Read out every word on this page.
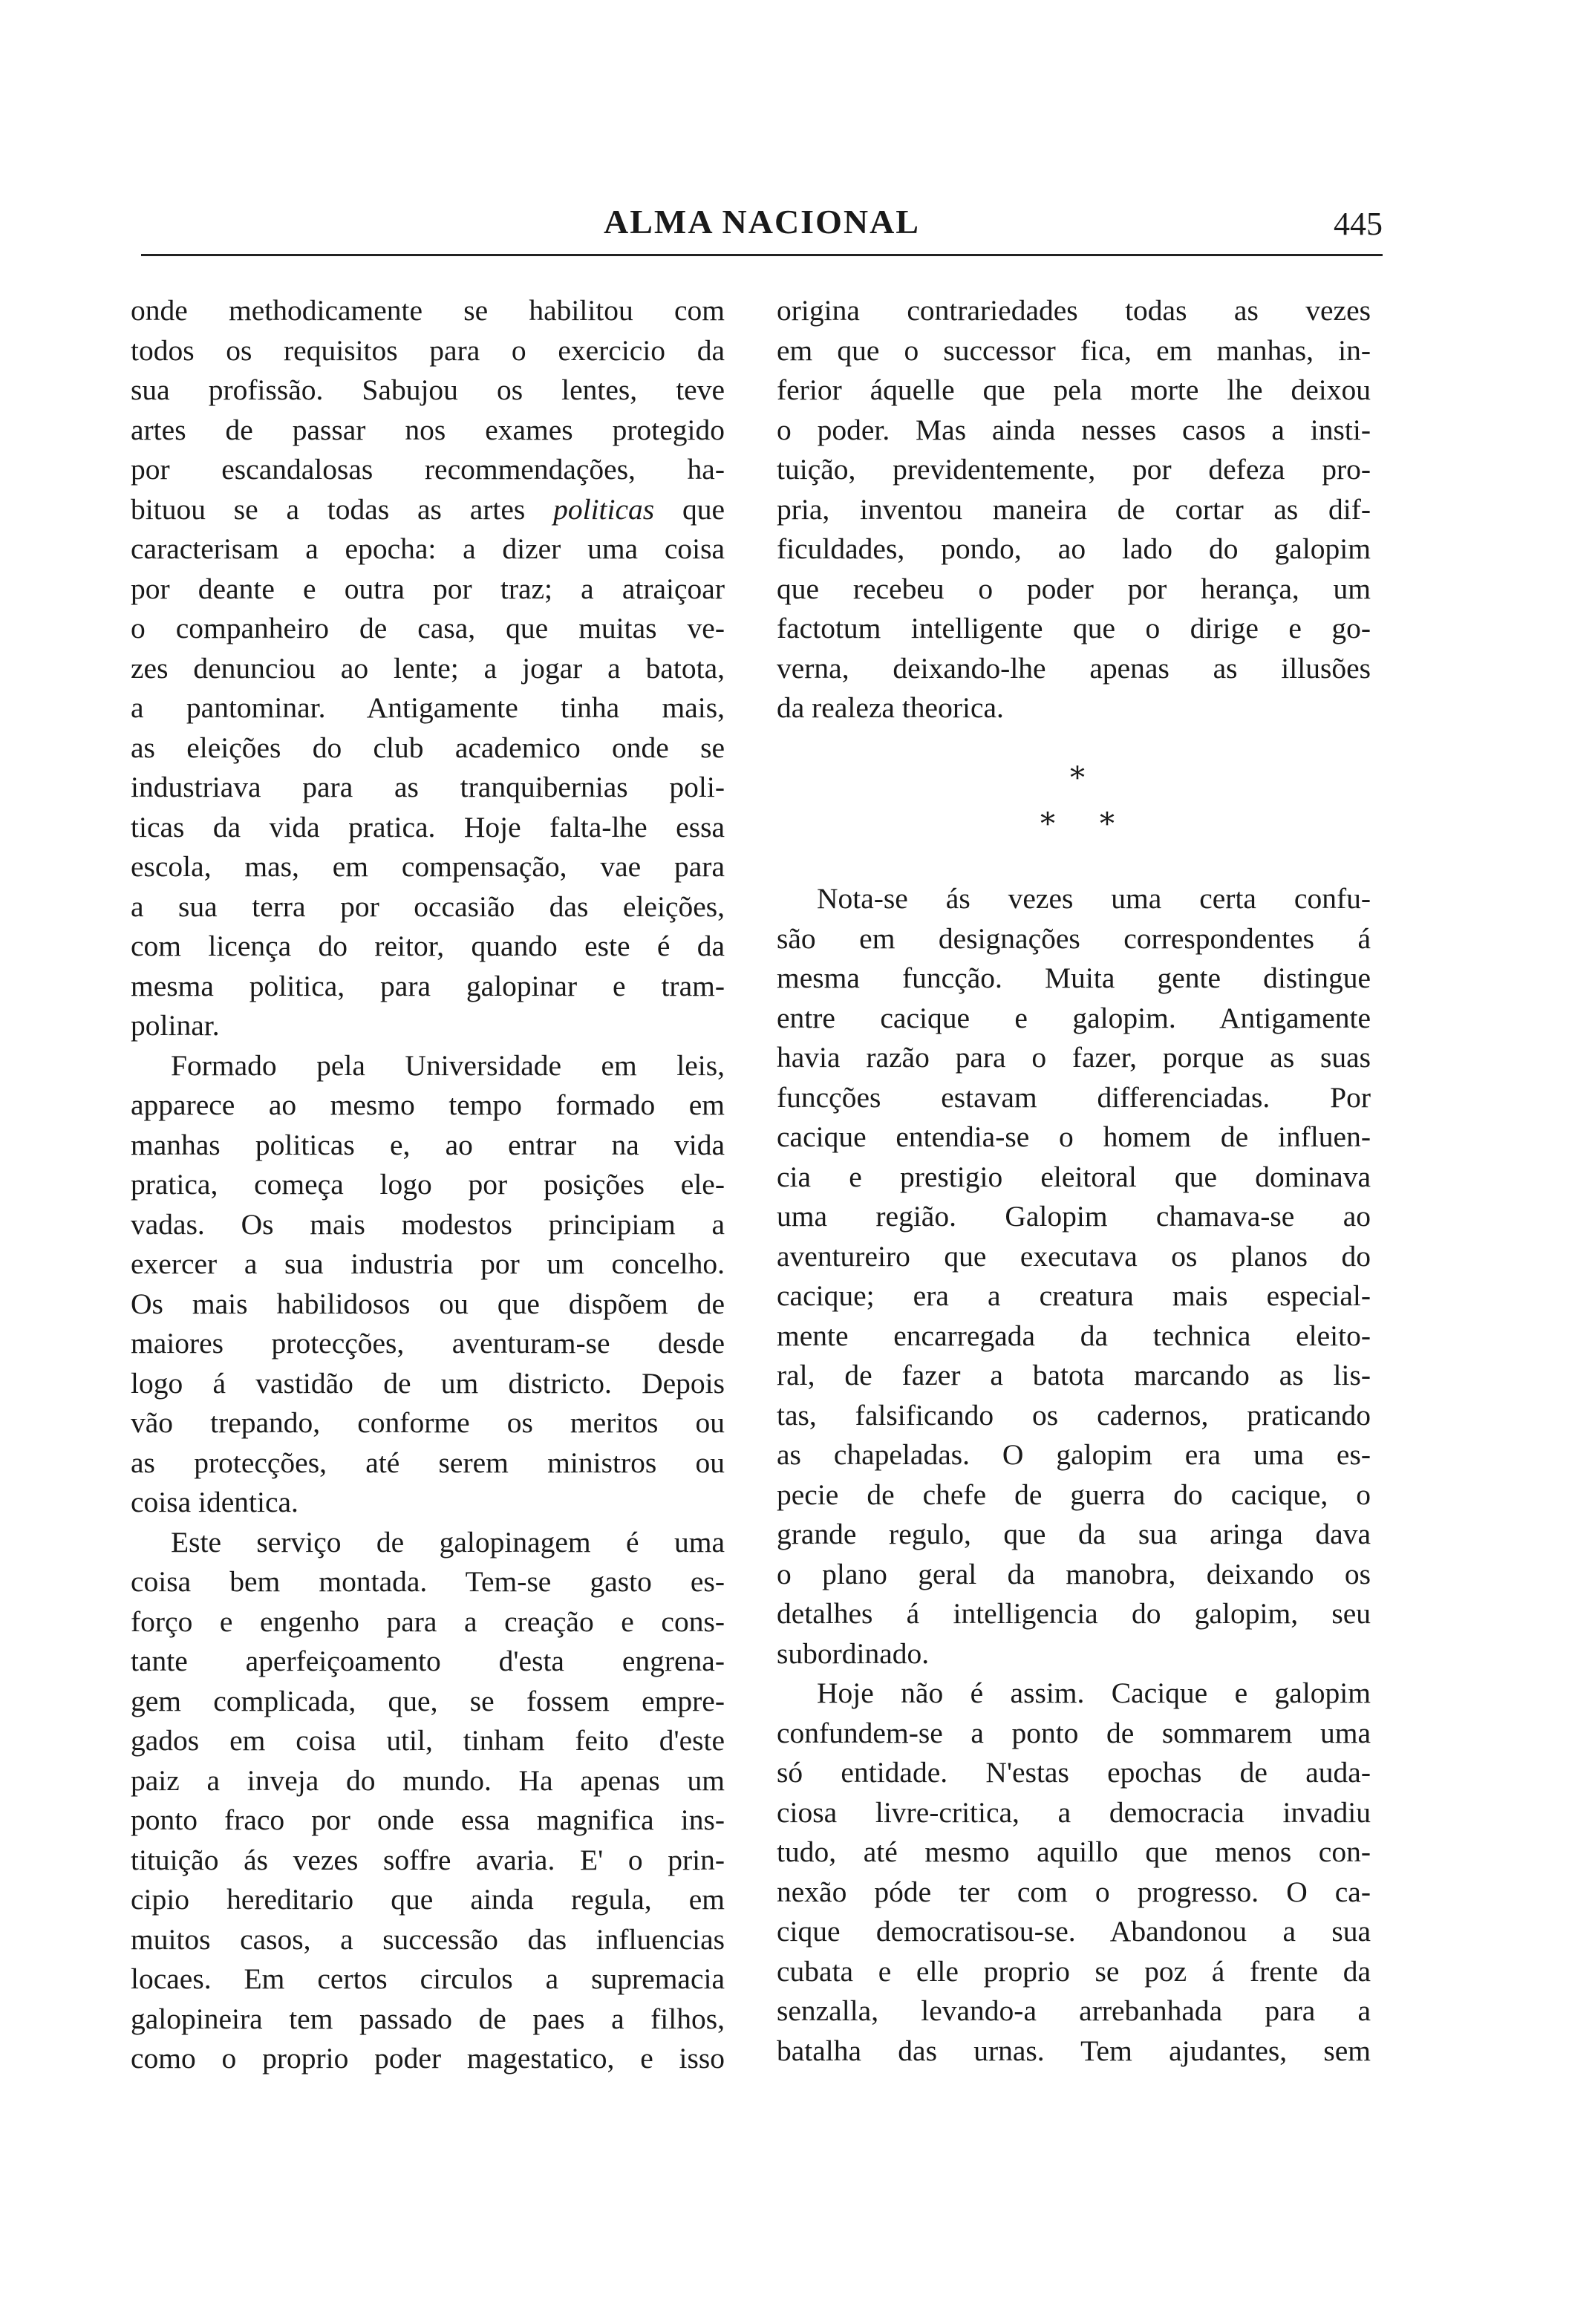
ALMA NACIONAL	445
onde methodicamente se habilitou com
todos os requisitos para o exercicio da
sua profissão. Sabujou os lentes, teve
artes de passar nos exames protegido
por escandalosas recommendações, ha-
bituou se a todas as artes politicas que
caracterisam a epocha: a dizer uma coisa
por deante e outra por traz; a atraiçoar
o companheiro de casa, que muitas ve-
zes denunciou ao lente; a jogar a batota,
a pantominar. Antigamente tinha mais,
as eleições do club academico onde se
industriava para as tranquibernias poli-
ticas da vida pratica. Hoje falta-lhe essa
escola, mas, em compensação, vae para
a sua terra por occasião das eleições,
com licença do reitor, quando este é da
mesma politica, para galopinar e tram-
polinar.
Formado pela Universidade em leis,
apparece ao mesmo tempo formado em
manhas politicas e, ao entrar na vida
pratica, começa logo por posições ele-
vadas. Os mais modestos principiam a
exercer a sua industria por um concelho.
Os mais habilidosos ou que dispõem de
maiores protecções, aventuram-se desde
logo á vastidão de um districto. Depois
vão trepando, conforme os meritos ou
as protecções, até serem ministros ou
coisa identica.
Este serviço de galopinagem é uma
coisa bem montada. Tem-se gasto es-
forço e engenho para a creação e cons-
tante aperfeiçoamento d'esta engrena-
gem complicada, que, se fossem empre-
gados em coisa util, tinham feito d'este
paiz a inveja do mundo. Ha apenas um
ponto fraco por onde essa magnifica ins-
tituição ás vezes soffre avaria. E' o prin-
cipio hereditario que ainda regula, em
muitos casos, a successão das influencias
locaes. Em certos circulos a supremacia
galopineira tem passado de paes a filhos,
como o proprio poder magestatico, e isso
origina contrariedades todas as vezes
em que o successor fica, em manhas, in-
ferior áquelle que pela morte lhe deixou
o poder. Mas ainda nesses casos a insti-
tuição, previdentemente, por defeza pro-
pria, inventou maneira de cortar as dif-
ficuldades, pondo, ao lado do galopim
que recebeu o poder por herança, um
factotum intelligente que o dirige e go-
verna, deixando-lhe apenas as illusões
da realeza theorica.
*
* *
Nota-se ás vezes uma certa confu-
são em designações correspondentes á
mesma funcção. Muita gente distingue
entre cacique e galopim. Antigamente
havia razão para o fazer, porque as suas
funcções estavam differenciadas. Por
cacique entendia-se o homem de influen-
cia e prestigio eleitoral que dominava
uma região. Galopim chamava-se ao
aventureiro que executava os planos do
cacique; era a creatura mais especial-
mente encarregada da technica eleito-
ral, de fazer a batota marcando as lis-
tas, falsificando os cadernos, praticando
as chapeladas. O galopim era uma es-
pecie de chefe de guerra do cacique, o
grande regulo, que da sua aringa dava
o plano geral da manobra, deixando os
detalhes á intelligencia do galopim, seu
subordinado.
Hoje não é assim. Cacique e galopim
confundem-se a ponto de sommarem uma
só entidade. N'estas epochas de auda-
ciosa livre-critica, a democracia invadiu
tudo, até mesmo aquillo que menos con-
nexão póde ter com o progresso. O ca-
cique democratisou-se. Abandonou a sua
cubata e elle proprio se poz á frente da
senzalla, levando-a arrebanhada para a
batalha das urnas. Tem ajudantes, sem
